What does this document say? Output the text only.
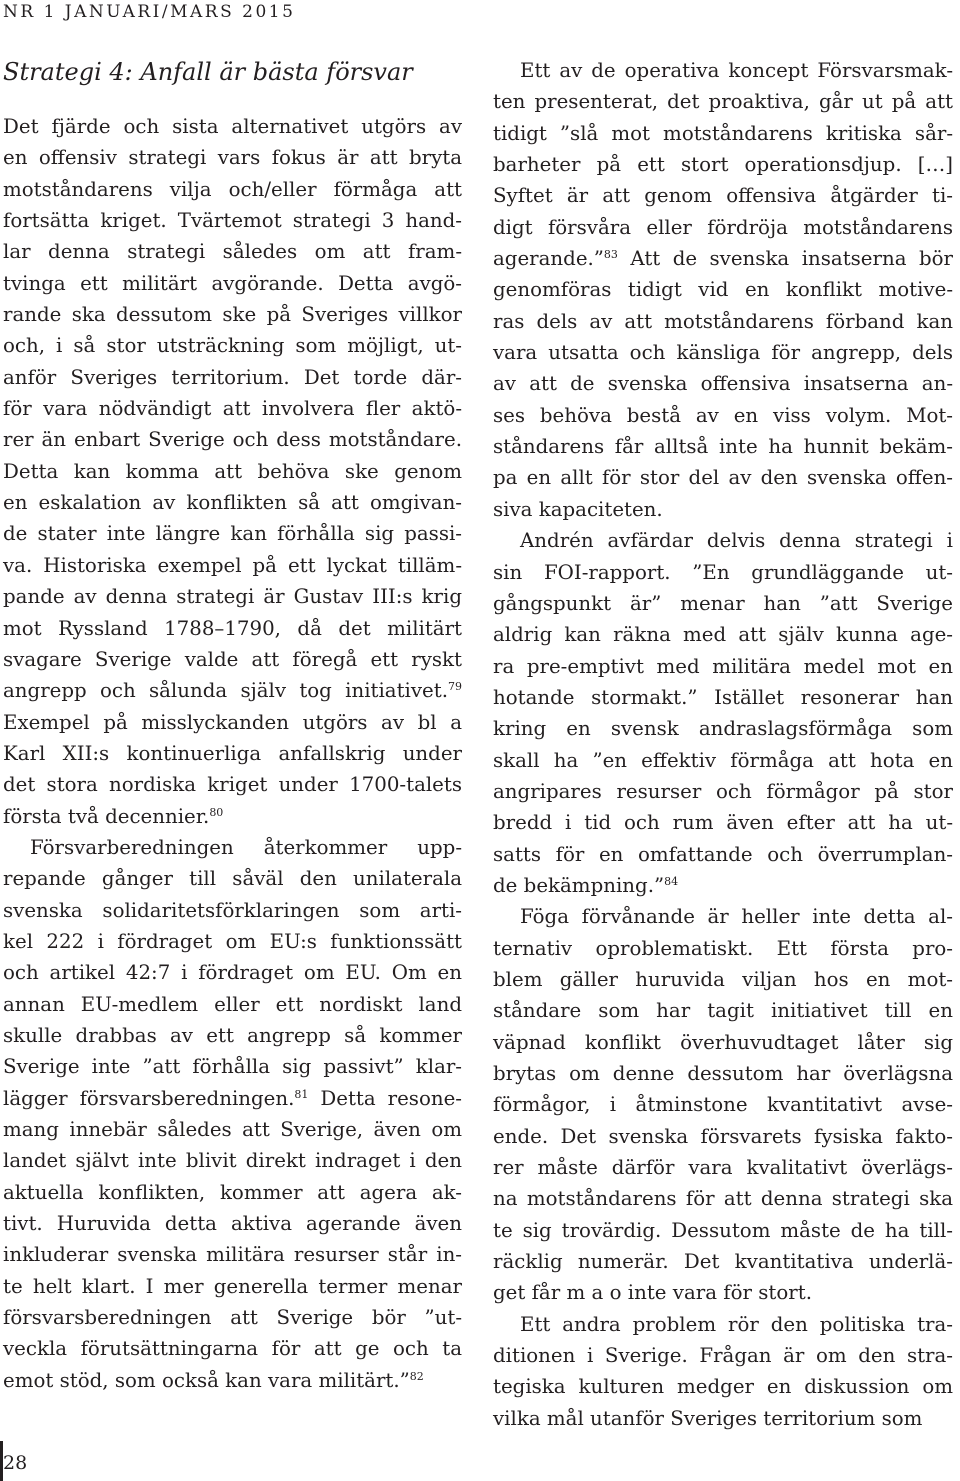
NR 1 JANUARI/MARS 2015
Strategi 4: Anfall är bästa försvar
Det fjärde och sista alternativet utgörs av
en offensiv strategi vars fokus är att bryta
motståndarens vilja och/eller förmåga att
fortsätta kriget. Tvärtemot strategi 3 hand-
lar denna strategi således om att fram-
tvinga ett militärt avgörande. Detta avgö-
rande ska dessutom ske på Sveriges villkor
och, i så stor utsträckning som möjligt, ut-
anför Sveriges territorium. Det torde där-
för vara nödvändigt att involvera fler aktö-
rer än enbart Sverige och dess motståndare.
Detta kan komma att behöva ske genom
en eskalation av konflikten så att omgivan-
de stater inte längre kan förhålla sig passi-
va. Historiska exempel på ett lyckat tilläm-
pande av denna strategi är Gustav III:s krig
mot Ryssland 1788–1790, då det militärt
svagare Sverige valde att föregå ett ryskt
angrepp och sålunda själv tog initiativet.$^{79}$
Exempel på misslyckanden utgörs av bl a
Karl XII:s kontinuerliga anfallskrig under
det stora nordiska kriget under 1700-talets
första två decennier.$^{80}$
Försvarberedningen återkommer upp-
repande gånger till såväl den unilaterala
svenska solidaritetsförklaringen som arti-
kel 222 i fördraget om EU:s funktionssätt
och artikel 42:7 i fördraget om EU. Om en
annan EU-medlem eller ett nordiskt land
skulle drabbas av ett angrepp så kommer
Sverige inte ”att förhålla sig passivt” klar-
lägger försvarsberedningen.$^{81}$ Detta resone-
mang innebär således att Sverige, även om
landet självt inte blivit direkt indraget i den
aktuella konflikten, kommer att agera ak-
tivt. Huruvida detta aktiva agerande även
inkluderar svenska militära resurser står in-
te helt klart. I mer generella termer menar
försvarsberedningen att Sverige bör ”ut-
veckla förutsättningarna för att ge och ta
emot stöd, som också kan vara militärt.”$^{82}$
Ett av de operativa koncept Försvarsmak-
ten presenterat, det proaktiva, går ut på att
tidigt ”slå mot motståndarens kritiska sår-
barheter på ett stort operationsdjup. […]
Syftet är att genom offensiva åtgärder ti-
digt försvåra eller fördröja motståndarens
agerande.”$^{83}$ Att de svenska insatserna bör
genomföras tidigt vid en konflikt motive-
ras dels av att motståndarens förband kan
vara utsatta och känsliga för angrepp, dels
av att de svenska offensiva insatserna an-
ses behöva bestå av en viss volym. Mot-
ståndarens får alltså inte ha hunnit bekäm-
pa en allt för stor del av den svenska offen-
siva kapaciteten.
Andrén avfärdar delvis denna strategi i
sin FOI-rapport. ”En grundläggande ut-
gångspunkt är” menar han ”att Sverige
aldrig kan räkna med att själv kunna age-
ra pre-emptivt med militära medel mot en
hotande stormakt.” Istället resonerar han
kring en svensk andraslagsförmåga som
skall ha ”en effektiv förmåga att hota en
angripares resurser och förmågor på stor
bredd i tid och rum även efter att ha ut-
satts för en omfattande och överrumplan-
de bekämpning.”$^{84}$
Föga förvånande är heller inte detta al-
ternativ oproblematiskt. Ett första pro-
blem gäller huruvida viljan hos en mot-
ståndare som har tagit initiativet till en
väpnad konflikt överhuvudtaget låter sig
brytas om denne dessutom har överlägsna
förmågor, i åtminstone kvantitativt avse-
ende. Det svenska försvarets fysiska fakto-
rer måste därför vara kvalitativt överlägs-
na motståndarens för att denna strategi ska
te sig trovärdig. Dessutom måste de ha till-
räcklig numerär. Det kvantitativa underlä-
get får m a o inte vara för stort.
Ett andra problem rör den politiska tra-
ditionen i Sverige. Frågan är om den stra-
tegiska kulturen medger en diskussion om
vilka mål utanför Sveriges territorium som
28
